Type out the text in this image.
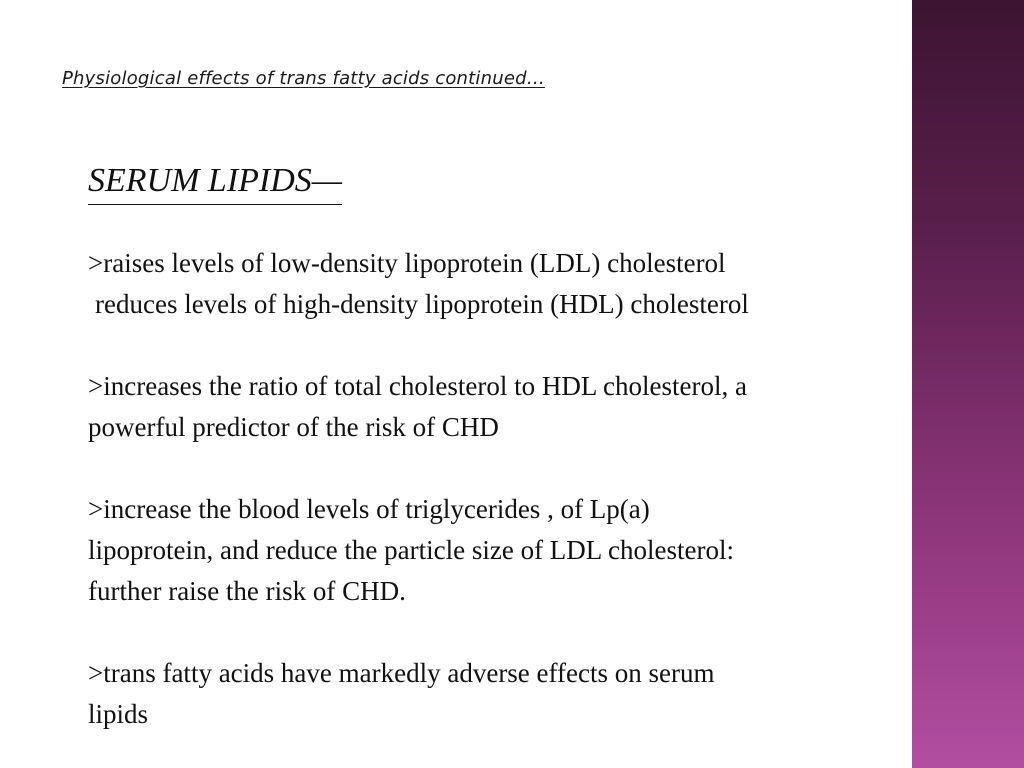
Physiological effects of trans fatty acids continued…
SERUM LIPIDS—
>raises levels of low-density lipoprotein (LDL) cholesterol
reduces levels of high-density lipoprotein (HDL) cholesterol
>increases the ratio of total cholesterol to HDL cholesterol, a
powerful predictor of the risk of CHD
>increase the blood levels of triglycerides , of Lp(a)
lipoprotein, and reduce the particle size of LDL cholesterol:
further raise the risk of CHD.
>trans fatty acids have markedly adverse effects on serum
lipids
